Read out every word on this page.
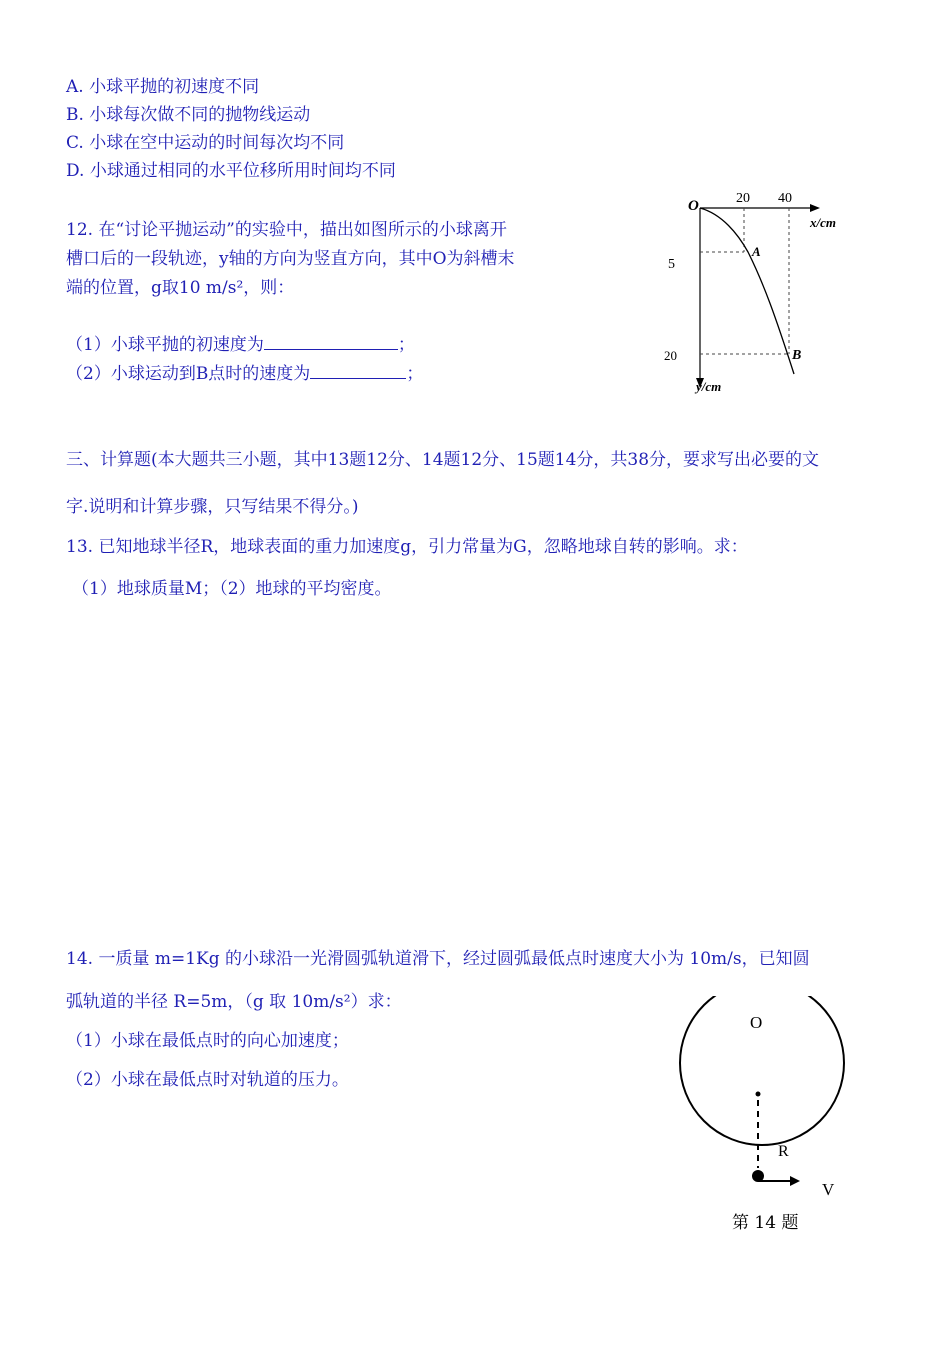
A. 小球平抛的初速度不同
B. 小球每次做不同的抛物线运动
C. 小球在空中运动的时间每次均不同
D. 小球通过相同的水平位移所用时间均不同
12. 在“讨论平抛运动”的实验中，描出如图所示的小球离开
槽口后的一段轨迹，y轴的方向为竖直方向，其中O为斜槽末
端的位置，g取10 m/s²，则：
（1）小球平抛的初速度为	；
（2）小球运动到B点时的速度为	；
O	20 40
x/cm
y/cm
5
20
A
B
三、计算题(本大题共三小题，其中13题12分、14题12分、15题14分，共38分，要求写出必要的文
字.说明和计算步骤，只写结果不得分。)
13. 已知地球半径R，地球表面的重力加速度g，引力常量为G，忽略地球自转的影响。求：
（1）地球质量M；（2）地球的平均密度。
14. 一质量 m=1Kg 的小球沿一光滑圆弧轨道滑下，经过圆弧最低点时速度大小为 10m/s，已知圆
弧轨道的半径 R=5m，（g 取 10m/s²）求：
（1）小球在最低点时的向心加速度；
（2）小球在最低点时对轨道的压力。
O
R
V
第 14 题
